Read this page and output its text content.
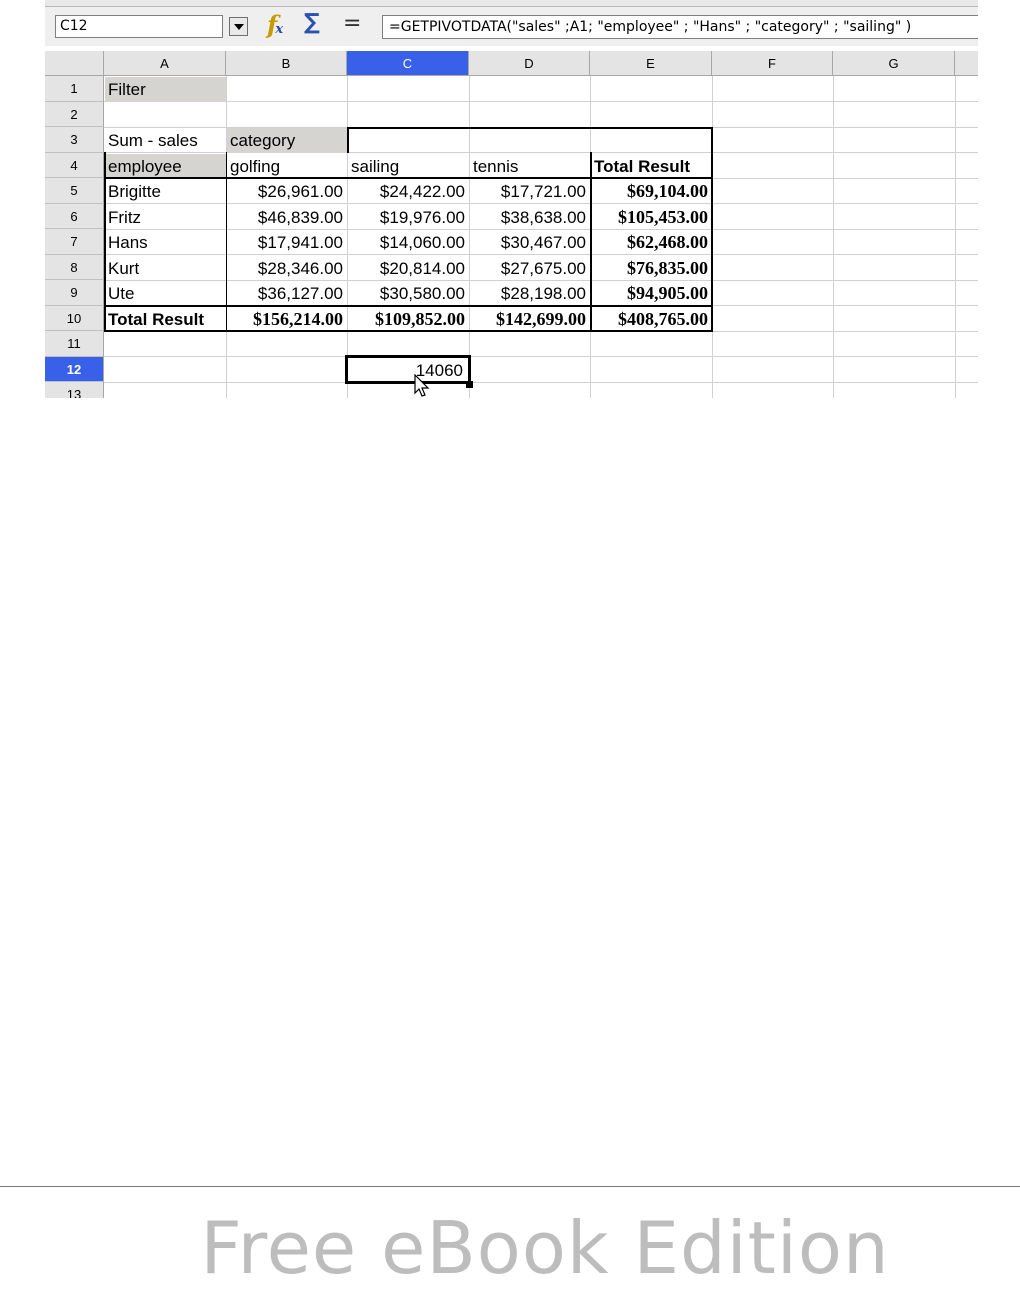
C12	fx ∑ =	=GETPIVOTDATA("sales" ;A1; "employee" ; "Hans" ; "category" ; "sailing" )
A	B	C	D	E	F	G
1
2
3
4
5
6
7
8
9
10
11
12
13
Filter
Sum - sales	category
employee	golfing	sailing	tennis	Total Result
Brigitte	$26,961.00	$24,422.00	$17,721.00	$69,104.00
Fritz	$46,839.00	$19,976.00	$38,638.00	$105,453.00
Hans	$17,941.00	$14,060.00	$30,467.00	$62,468.00
Kurt	$28,346.00	$20,814.00	$27,675.00	$76,835.00
Ute	$36,127.00	$30,580.00	$28,198.00	$94,905.00
Total Result	$156,214.00	$109,852.00	$142,699.00	$408,765.00
14060
Free eBook Edition
